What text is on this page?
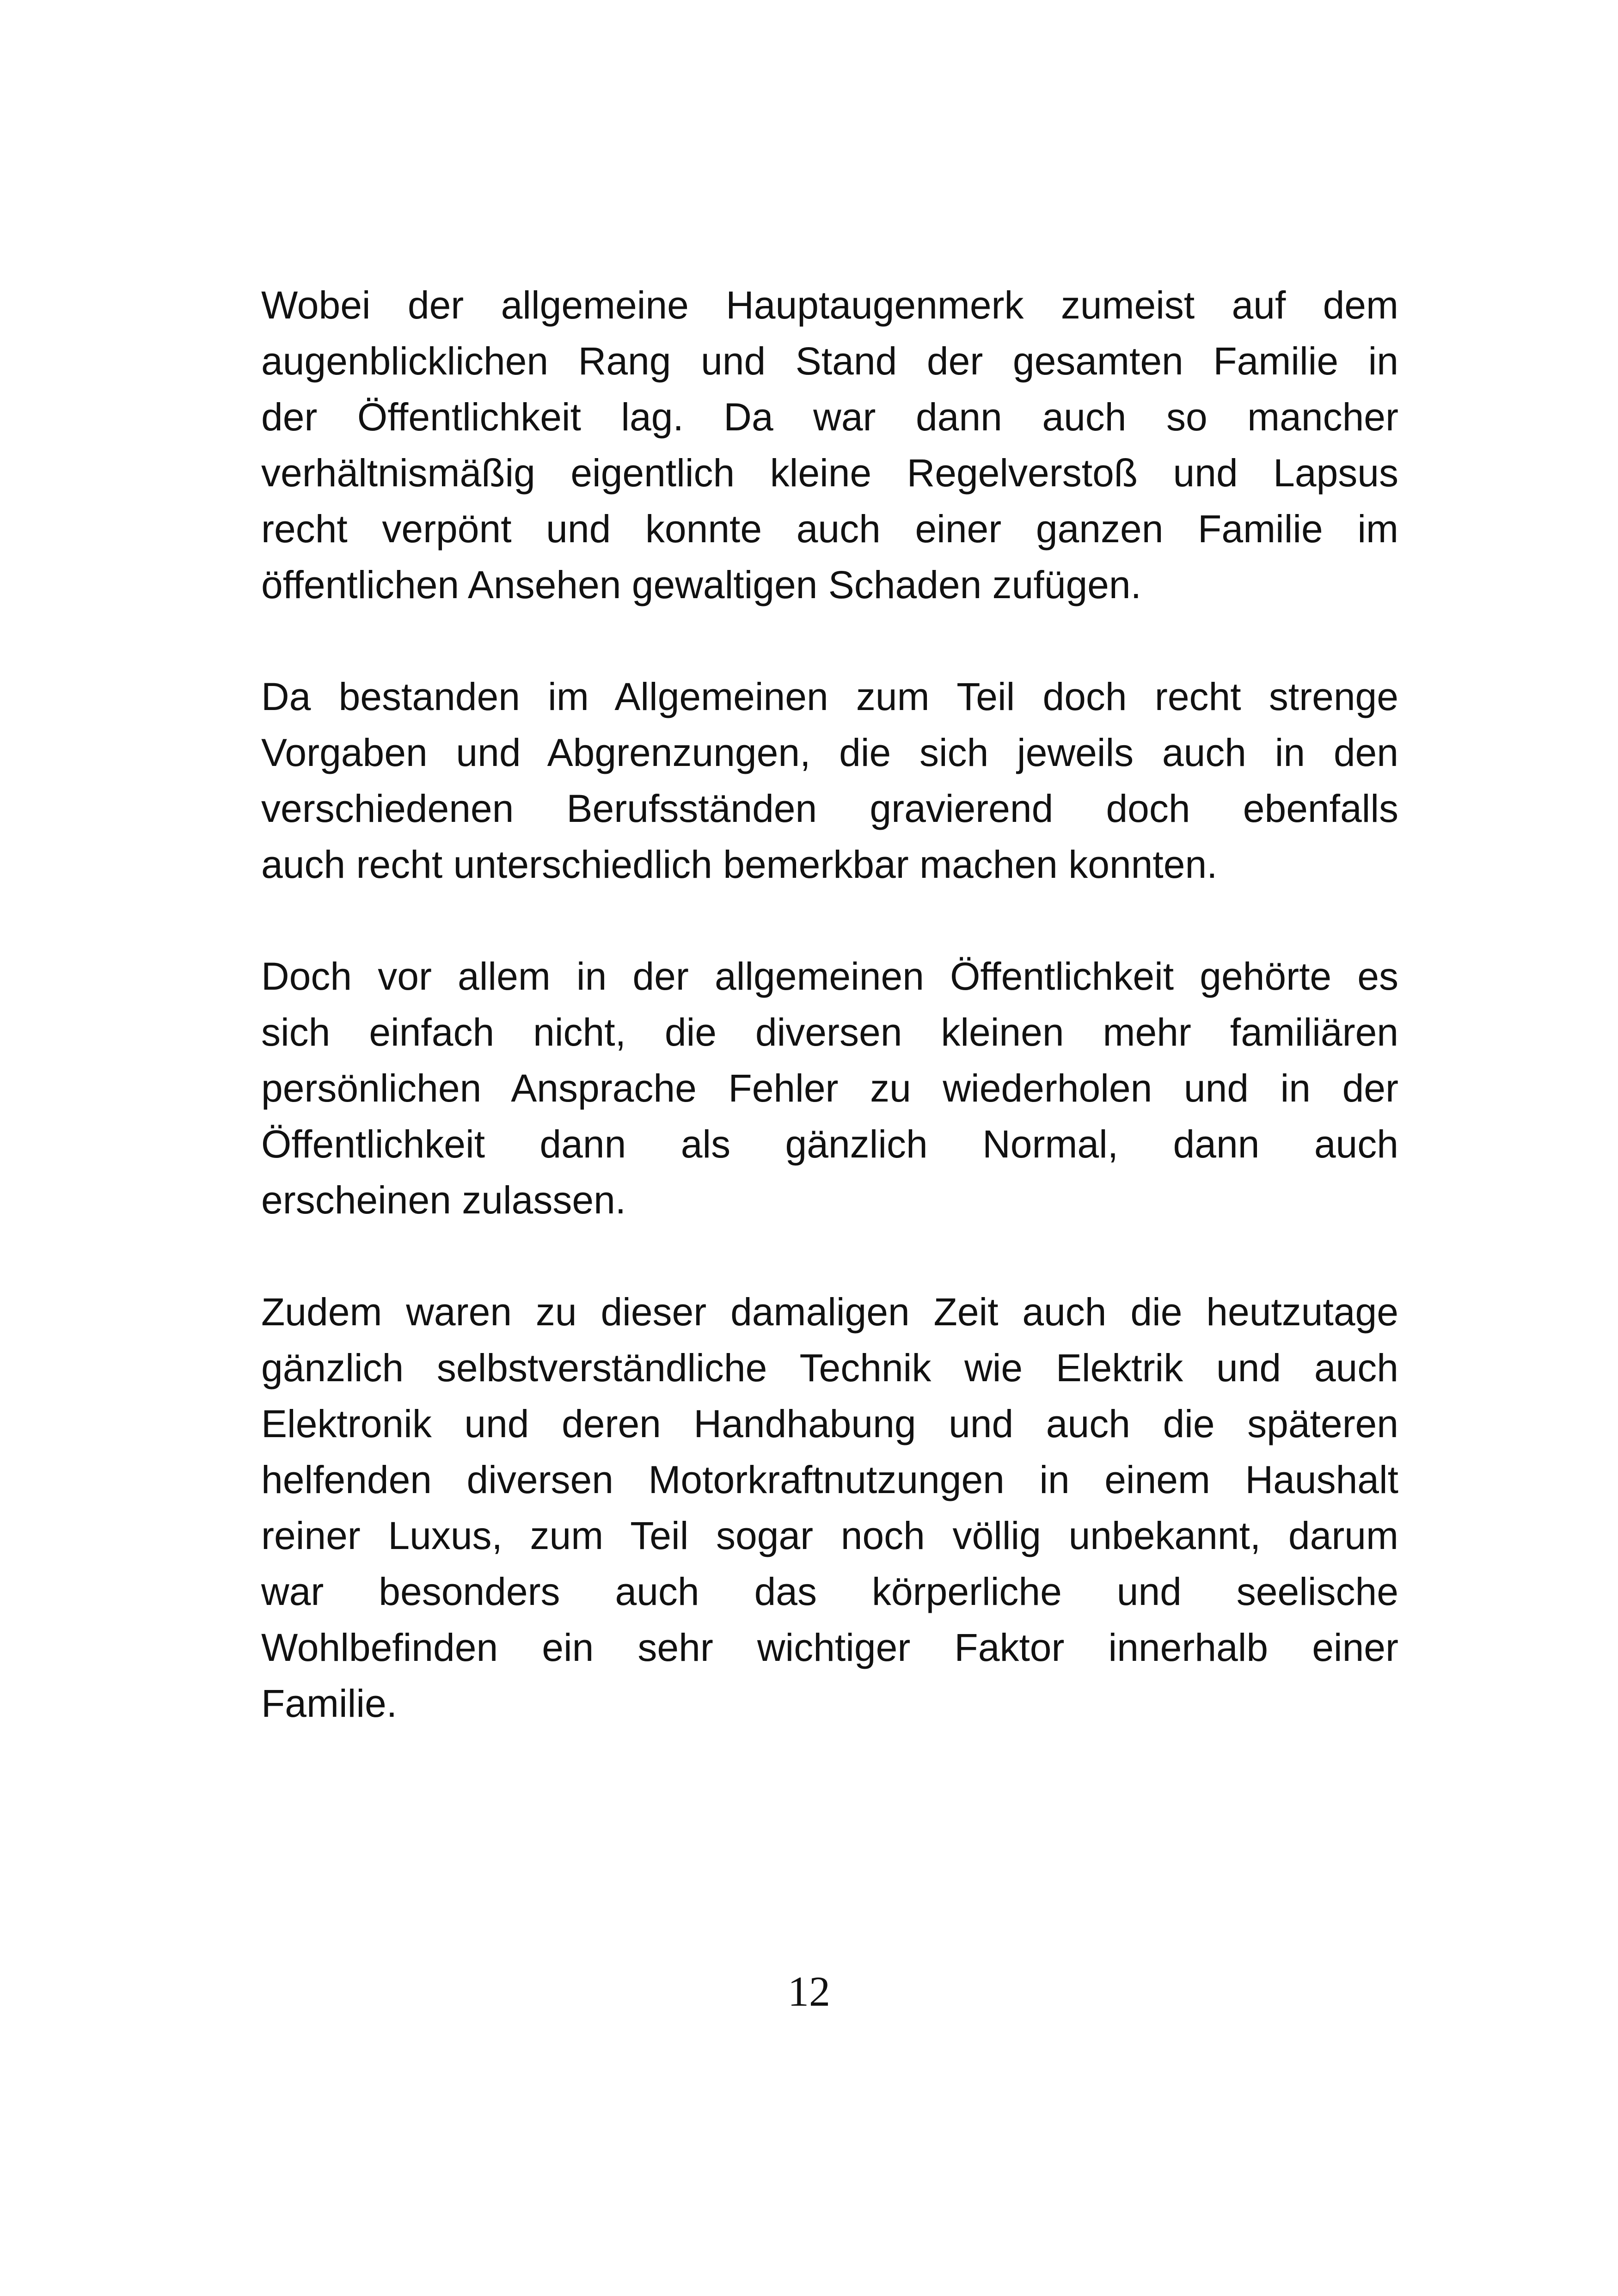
Wobei der allgemeine Hauptaugenmerk zumeist auf dem
augenblicklichen Rang und Stand der gesamten Familie in
der Öffentlichkeit lag. Da war dann auch so mancher
verhältnismäßig eigentlich kleine Regelverstoß und Lapsus
recht verpönt und konnte auch einer ganzen Familie im
öffentlichen Ansehen gewaltigen Schaden zufügen.
Da bestanden im Allgemeinen zum Teil doch recht strenge
Vorgaben und Abgrenzungen, die sich jeweils auch in den
verschiedenen Berufsständen gravierend doch ebenfalls
auch recht unterschiedlich bemerkbar machen konnten.
Doch vor allem in der allgemeinen Öffentlichkeit gehörte es
sich einfach nicht, die diversen kleinen mehr familiären
persönlichen Ansprache Fehler zu wiederholen und in der
Öffentlichkeit dann als gänzlich Normal, dann auch
erscheinen zulassen.
Zudem waren zu dieser damaligen Zeit auch die heutzutage
gänzlich selbstverständliche Technik wie Elektrik und auch
Elektronik und deren Handhabung und auch die späteren
helfenden diversen Motorkraftnutzungen in einem Haushalt
reiner Luxus, zum Teil sogar noch völlig unbekannt, darum
war besonders auch das körperliche und seelische
Wohlbefinden ein sehr wichtiger Faktor innerhalb einer
Familie.
12
